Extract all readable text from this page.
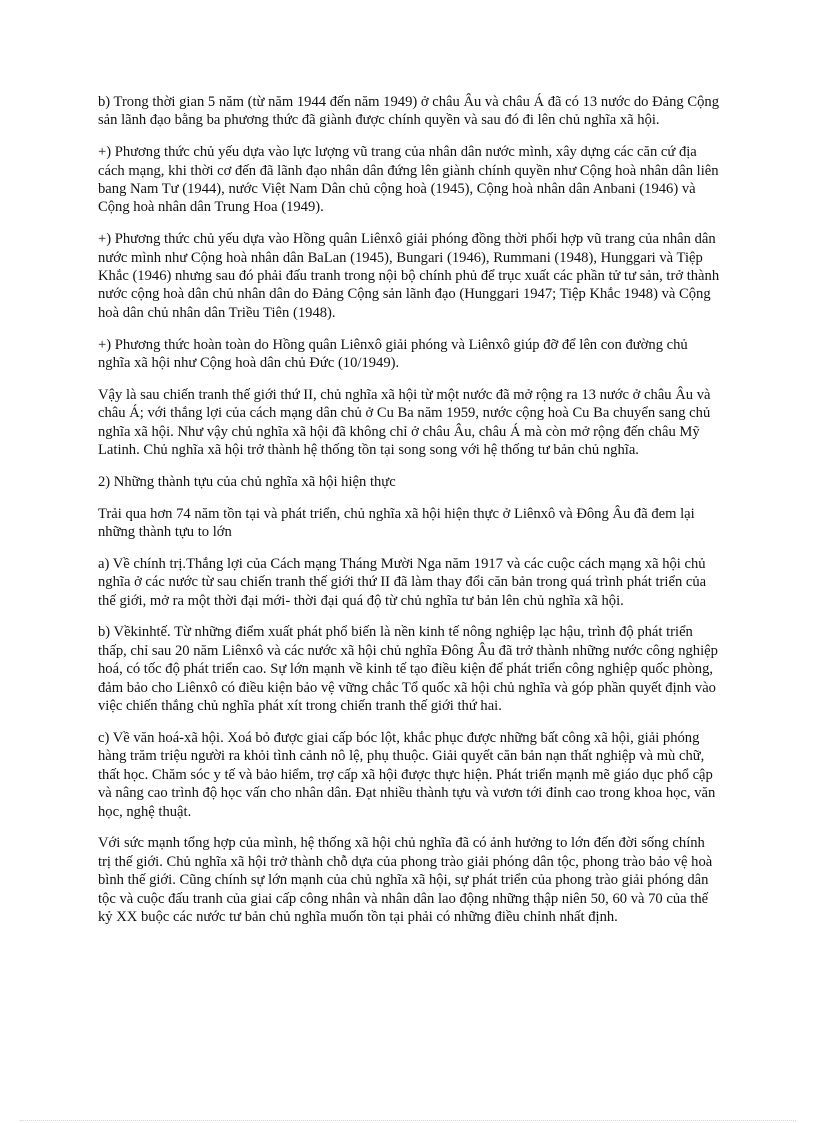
b) Trong thời gian 5 năm (từ năm 1944 đến năm 1949) ở châu Âu và châu Á đã có 13 nước do Đảng Cộng sản lãnh đạo bằng ba phương thức đã giành được chính quyền và sau đó đi lên chủ nghĩa xã hội.

+) Phương thức chủ yếu dựa vào lực lượng vũ trang của nhân dân nước mình, xây dựng các căn cứ địa cách mạng, khi thời cơ đến đã lãnh đạo nhân dân đứng lên giành chính quyền như Cộng hoà nhân dân liên bang Nam Tư (1944), nước Việt Nam Dân chủ cộng hoà (1945), Cộng hoà nhân dân Anbani (1946) và Cộng hoà nhân dân Trung Hoa (1949).

+) Phương thức chủ yếu dựa vào Hồng quân Liênxô giải phóng đồng thời phối hợp vũ trang của nhân dân nước mình như Cộng hoà nhân dân BaLan (1945), Bungari (1946), Rummani (1948), Hunggari và Tiệp Khắc (1946) nhưng sau đó phải đấu tranh trong nội bộ chính phủ để trục xuất các phần tử tư sản, trở thành nước cộng hoà dân chủ nhân dân do Đảng Cộng sản lãnh đạo (Hunggari 1947; Tiệp Khắc 1948) và Cộng hoà dân chủ nhân dân Triều Tiên (1948).

+) Phương thức hoàn toàn do Hồng quân Liênxô giải phóng và Liênxô giúp đỡ để lên con đường chủ nghĩa xã hội như Cộng hoà dân chủ Đức (10/1949).

Vậy là sau chiến tranh thế giới thứ II, chủ nghĩa xã hội từ một nước đã mở rộng ra 13 nước ở châu Âu và châu Á; với thắng lợi của cách mạng dân chủ ở Cu Ba năm 1959, nước cộng hoà Cu Ba chuyển sang chủ nghĩa xã hội. Như vậy chủ nghĩa xã hội đã không chỉ ở châu Âu, châu Á mà còn mở rộng đến châu Mỹ Latinh. Chủ nghĩa xã hội trở thành hệ thống tồn tại song song với hệ thống tư bản chủ nghĩa.

2) Những thành tựu của chủ nghĩa xã hội hiện thực

Trải qua hơn 74 năm tồn tại và phát triển, chủ nghĩa xã hội hiện thực ở Liênxô và Đông Âu đã đem lại những thành tựu to lớn

a) Về chính trị.Thắng lợi của Cách mạng Tháng Mười Nga năm 1917 và các cuộc cách mạng xã hội chủ nghĩa ở các nước từ sau chiến tranh thế giới thứ II đã làm thay đổi căn bản trong quá trình phát triển của thế giới, mở ra một thời đại mới- thời đại quá độ từ chủ nghĩa tư bản lên chủ nghĩa xã hội.

b) Vềkinhtế. Từ những điểm xuất phát phổ biến là nền kinh tế nông nghiệp lạc hậu, trình độ phát triển thấp, chỉ sau 20 năm Liênxô và các nước xã hội chủ nghĩa Đông Âu đã trở thành những nước công nghiệp hoá, có tốc độ phát triển cao. Sự lớn mạnh về kinh tế tạo điều kiện để phát triển công nghiệp quốc phòng, đảm bảo cho Liênxô có điều kiện bảo vệ vững chắc Tổ quốc xã hội chủ nghĩa và góp phần quyết định vào việc chiến thắng chủ nghĩa phát xít trong chiến tranh thế giới thứ hai.

c) Về văn hoá-xã hội. Xoá bỏ được giai cấp bóc lột, khắc phục được những bất công xã hội, giải phóng hàng trăm triệu người ra khỏi tình cảnh nô lệ, phụ thuộc. Giải quyết căn bản nạn thất nghiệp và mù chữ, thất học. Chăm sóc y tế và bảo hiểm, trợ cấp xã hội được thực hiện. Phát triển mạnh mẽ giáo dục phổ cập và nâng cao trình độ học vấn cho nhân dân. Đạt nhiều thành tựu và vươn tới đỉnh cao trong khoa học, văn học, nghệ thuật.

Với sức mạnh tổng hợp của mình, hệ thống xã hội chủ nghĩa đã có ảnh hưởng to lớn đến đời sống chính trị thế giới. Chủ nghĩa xã hội trở thành chỗ dựa của phong trào giải phóng dân tộc, phong trào bảo vệ hoà bình thế giới. Cũng chính sự lớn mạnh của chủ nghĩa xã hội, sự phát triển của phong trào giải phóng dân tộc và cuộc đấu tranh của giai cấp công nhân và nhân dân lao động những thập niên 50, 60 và 70 của thế kỷ XX buộc các nước tư bản chủ nghĩa muốn tồn tại phải có những điều chỉnh nhất định.
